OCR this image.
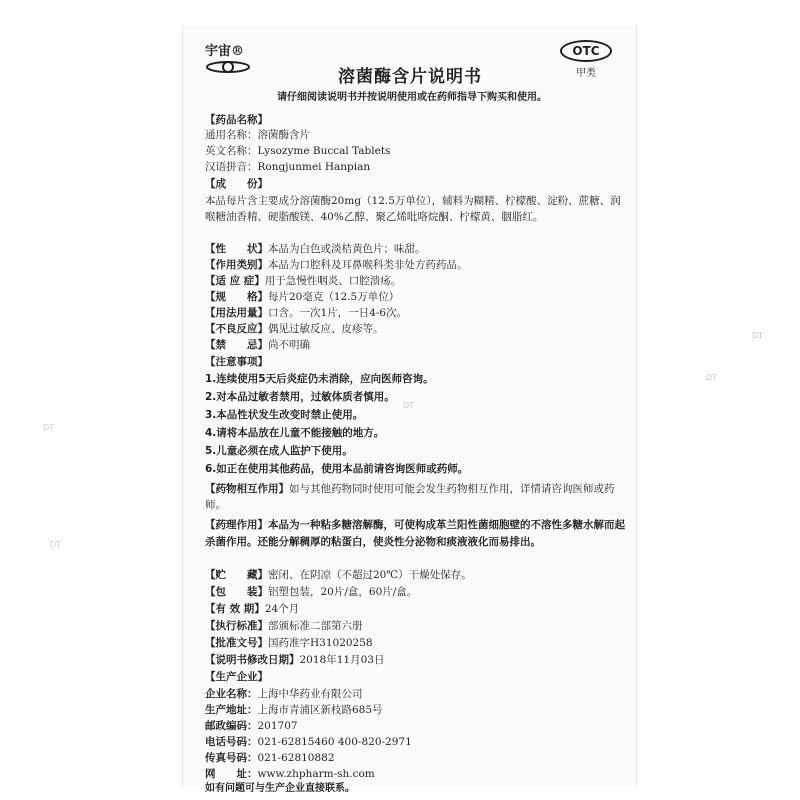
宇宙®	OTC
甲类
溶菌酶含片说明书
请仔细阅读说明书并按说明使用或在药师指导下购买和使用。
【药品名称】
通用名称：溶菌酶含片
英文名称：Lysozyme Buccal Tablets
汉语拼音：Rongjunmei Hanpian
【成　　份】
本品每片含主要成分溶菌酶20mg（12.5万单位），辅料为糊精、柠檬酸、淀粉、蔗糖、润喉糖油香精、硬脂酸镁、40%乙醇、聚乙烯吡咯烷酮、柠檬黄、胭脂红。
【性　　状】本品为白色或淡桔黄色片；味甜。
【作用类别】本品为口腔科及耳鼻喉科类非处方药药品。
【适 应 症】用于急慢性咽炎、口腔溃疡。
【规　　格】每片20毫克（12.5万单位）
【用法用量】口含。一次1片，一日4-6次。
【不良反应】偶见过敏反应、皮疹等。
【禁　　忌】尚不明确
【注意事项】
1.连续使用5天后炎症仍未消除，应向医师咨询。
2.对本品过敏者禁用，过敏体质者慎用。
3.本品性状发生改变时禁止使用。
4.请将本品放在儿童不能接触的地方。
5.儿童必须在成人监护下使用。
6.如正在使用其他药品，使用本品前请咨询医师或药师。
【药物相互作用】如与其他药物同时使用可能会发生药物相互作用，详情请咨询医师或药师。
【药理作用】本品为一种粘多糖溶解酶，可使构成革兰阳性菌细胞壁的不溶性多糖水解而起杀菌作用。还能分解稠厚的粘蛋白，使炎性分泌物和痰液液化而易排出。
【贮　　藏】密闭、在阴凉（不超过20℃）干燥处保存。
【包　　装】铝塑包装，20片/盒，60片/盒。
【有 效 期】24个月
【执行标准】部颁标准二部第六册
【批准文号】国药准字H31020258
【说明书修改日期】2018年11月03日
【生产企业】
企业名称：上海中华药业有限公司
生产地址：上海市青浦区新枝路685号
邮政编码：201707
电话号码：021-62815460 400-820-2971
传真号码：021-62810882
网　　址：www.zhpharm-sh.com
如有问题可与生产企业直接联系。
DT
DT
DT
DT
DT
